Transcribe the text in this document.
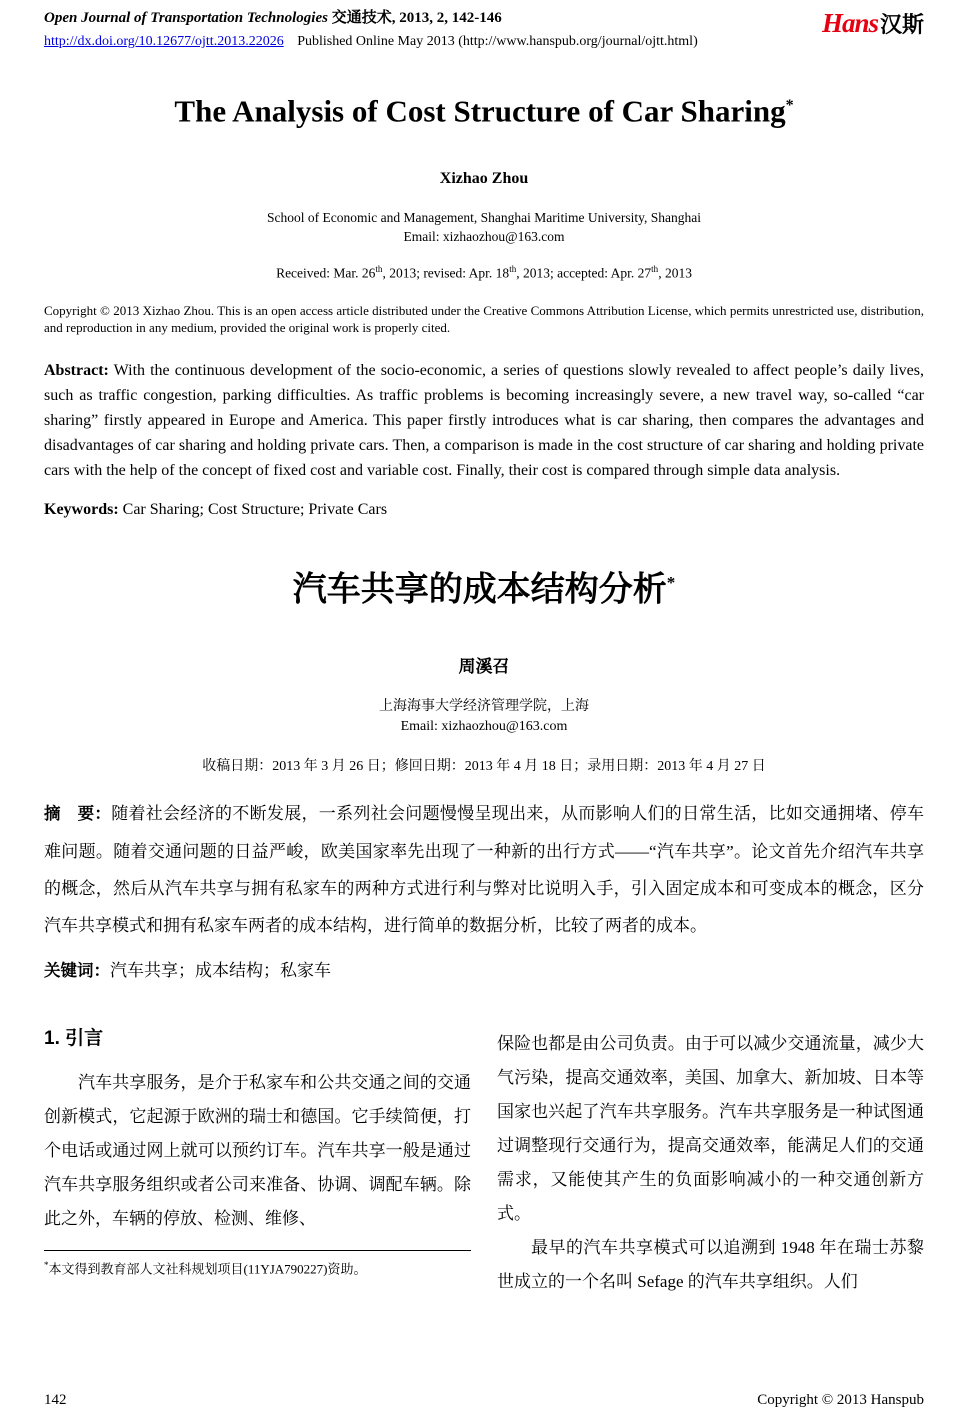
Open Journal of Transportation Technologies 交通技术, 2013, 2, 142-146
http://dx.doi.org/10.12677/ojtt.2013.22026 Published Online May 2013 (http://www.hanspub.org/journal/ojtt.html)
Hans汉斯
The Analysis of Cost Structure of Car Sharing*

Xizhao Zhou

School of Economic and Management, Shanghai Maritime University, Shanghai

Email: xizhaozhou@163.com

Received: Mar. 26th, 2013; revised: Apr. 18th, 2013; accepted: Apr. 27th, 2013

Copyright © 2013 Xizhao Zhou. This is an open access article distributed under the Creative Commons Attribution License, which permits unrestricted use, distribution, and reproduction in any medium, provided the original work is properly cited.

Abstract: With the continuous development of the socio-economic, a series of questions slowly revealed to affect people’s daily lives, such as traffic congestion, parking difficulties. As traffic problems is becoming increasingly severe, a new travel way, so-called “car sharing” firstly appeared in Europe and America. This paper firstly introduces what is car sharing, then compares the advantages and disadvantages of car sharing and holding private cars. Then, a comparison is made in the cost structure of car sharing and holding private cars with the help of the concept of fixed cost and variable cost. Finally, their cost is compared through simple data analysis.

Keywords: Car Sharing; Cost Structure; Private Cars

汽车共享的成本结构分析*

周溪召

上海海事大学经济管理学院，上海

Email: xizhaozhou@163.com

收稿日期：2013 年 3 月 26 日；修回日期：2013 年 4 月 18 日；录用日期：2013 年 4 月 27 日

摘　要：随着社会经济的不断发展，一系列社会问题慢慢呈现出来，从而影响人们的日常生活，比如交通拥堵、停车难问题。随着交通问题的日益严峻，欧美国家率先出现了一种新的出行方式——“汽车共享”。论文首先介绍汽车共享的概念，然后从汽车共享与拥有私家车的两种方式进行利与弊对比说明入手，引入固定成本和可变成本的概念，区分汽车共享模式和拥有私家车两者的成本结构，进行简单的数据分析，比较了两者的成本。

关键词：汽车共享；成本结构；私家车

1. 引言

汽车共享服务，是介于私家车和公共交通之间的交通创新模式，它起源于欧洲的瑞士和德国。它手续简便，打个电话或通过网上就可以预约订车。汽车共享一般是通过汽车共享服务组织或者公司来准备、协调、调配车辆。除此之外，车辆的停放、检测、维修、

*本文得到教育部人文社科规划项目(11YJA790227)资助。

保险也都是由公司负责。由于可以减少交通流量，减少大气污染，提高交通效率，美国、加拿大、新加坡、日本等国家也兴起了汽车共享服务。汽车共享服务是一种试图通过调整现行交通行为，提高交通效率，能满足人们的交通需求，又能使其产生的负面影响减小的一种交通创新方式。

最早的汽车共享模式可以追溯到 1948 年在瑞士苏黎世成立的一个名叫 Sefage 的汽车共享组织。人们

142	Copyright © 2013 Hanspub
